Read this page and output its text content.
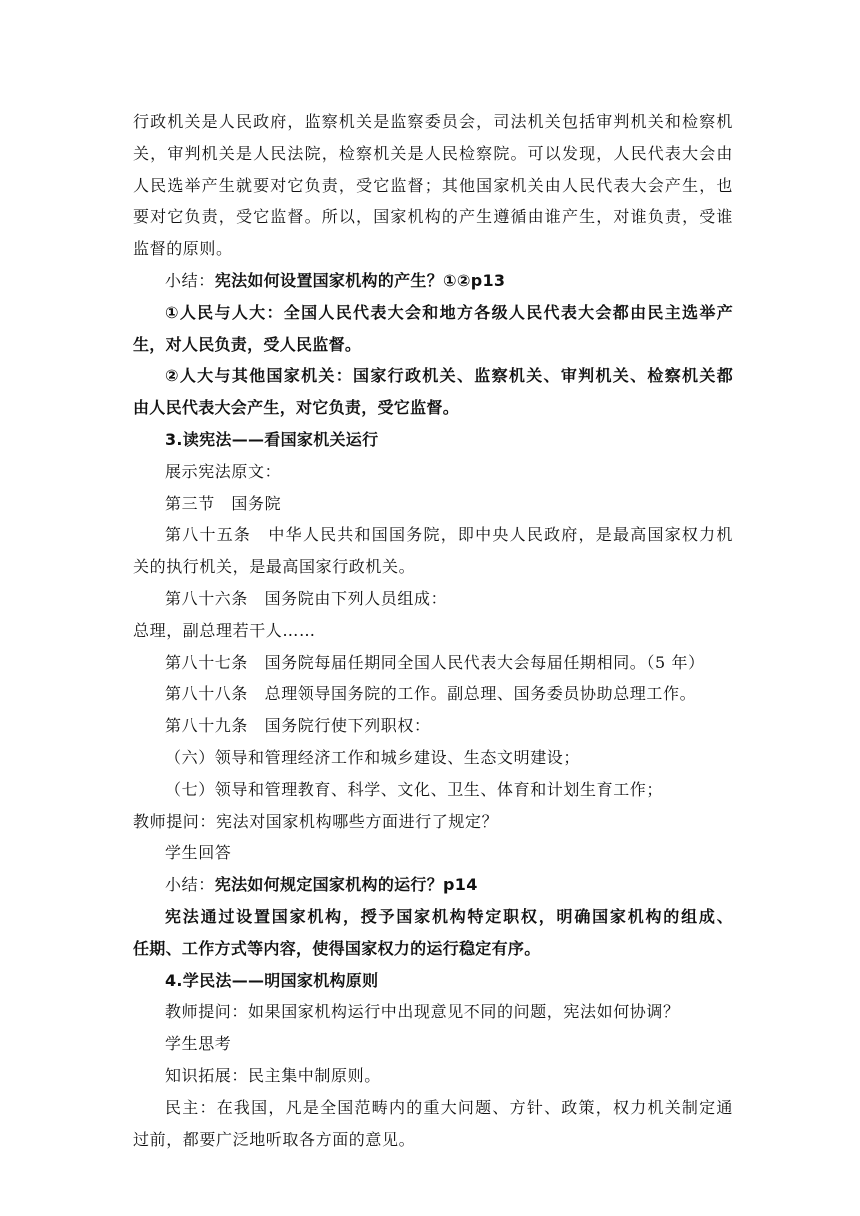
行政机关是人民政府，监察机关是监察委员会，司法机关包括审判机关和检察机
关，审判机关是人民法院，检察机关是人民检察院。可以发现，人民代表大会由
人民选举产生就要对它负责，受它监督；其他国家机关由人民代表大会产生，也
要对它负责，受它监督。所以，国家机构的产生遵循由谁产生，对谁负责，受谁
监督的原则。
小结：宪法如何设置国家机构的产生？①②p13
①人民与人大：全国人民代表大会和地方各级人民代表大会都由民主选举产
生，对人民负责，受人民监督。
②人大与其他国家机关：国家行政机关、监察机关、审判机关、检察机关都
由人民代表大会产生，对它负责，受它监督。
3.读宪法——看国家机关运行
展示宪法原文：
第三节　国务院
第八十五条　中华人民共和国国务院，即中央人民政府，是最高国家权力机
关的执行机关，是最高国家行政机关。
第八十六条　国务院由下列人员组成：
总理，副总理若干人……
第八十七条　国务院每届任期同全国人民代表大会每届任期相同。（5 年）
第八十八条　总理领导国务院的工作。副总理、国务委员协助总理工作。
第八十九条　国务院行使下列职权：
（六）领导和管理经济工作和城乡建设、生态文明建设；
（七）领导和管理教育、科学、文化、卫生、体育和计划生育工作；
教师提问：宪法对国家机构哪些方面进行了规定？
学生回答
小结：宪法如何规定国家机构的运行？p14
宪法通过设置国家机构，授予国家机构特定职权，明确国家机构的组成、
任期、工作方式等内容，使得国家权力的运行稳定有序。
4.学民法——明国家机构原则
教师提问：如果国家机构运行中出现意见不同的问题，宪法如何协调？
学生思考
知识拓展：民主集中制原则。
民主：在我国，凡是全国范畴内的重大问题、方针、政策，权力机关制定通
过前，都要广泛地听取各方面的意见。
